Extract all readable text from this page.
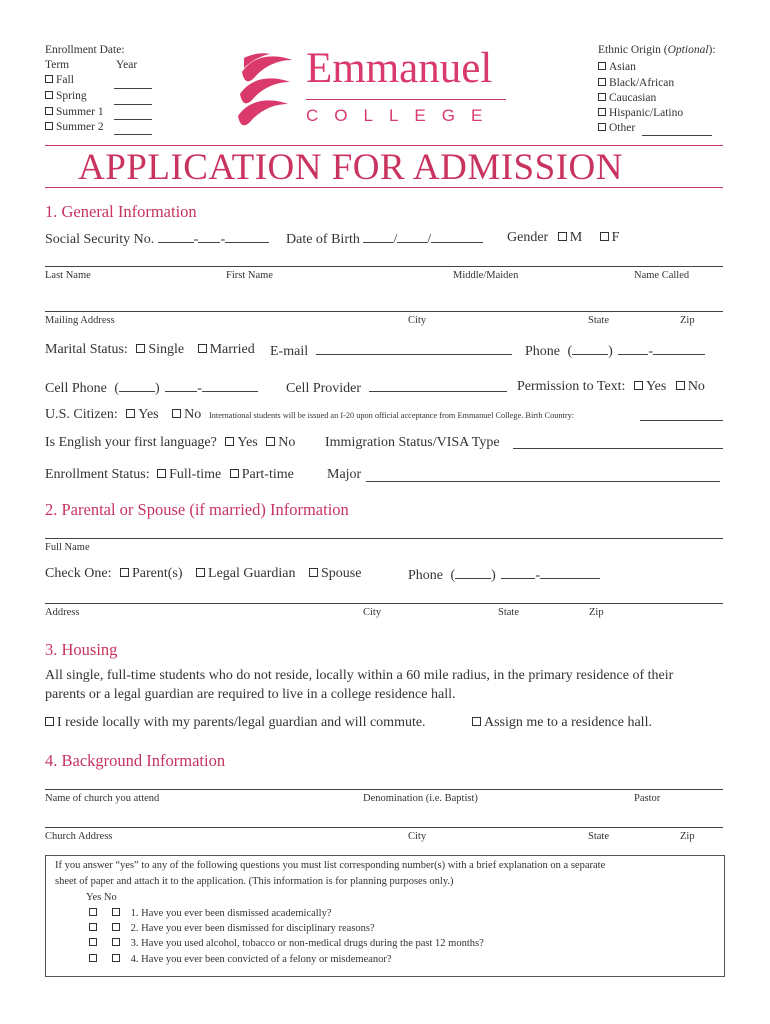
Enrollment Date:
Term	Year
Fall
Spring
Summer 1
Summer 2
Emmanuel
COLLEGE
Ethnic Origin (Optional):
Asian
Black/African
Caucasian
Hispanic/Latino
Other
APPLICATION FOR ADMISSION
1. General Information
Social Security No.	- -	Date of Birth / /	Gender M F
Last Name	First Name	Middle/Maiden	Name Called
Mailing Address	City	State	Zip
Marital Status: Single Married E-mail	Phone (	)	-
Cell Phone (	)	-	Cell Provider	Permission to Text: Yes No
U.S. Citizen: Yes No International students will be issued an I-20 upon official acceptance from Emmanuel College. Birth Country:
Is English your first language? Yes No Immigration Status/VISA Type
Enrollment Status: Full-time Part-time Major
2. Parental or Spouse (if married) Information
Full Name
Check One: Parent(s) Legal Guardian Spouse	Phone (	)	-
Address	City	State	Zip
3. Housing
All single, full-time students who do not reside, locally within a 60 mile radius, in the primary residence of their
parents or a legal guardian are required to live in a college residence hall.
I reside locally with my parents/legal guardian and will commute.	Assign me to a residence hall.
4. Background Information
Name of church you attend	Denomination (i.e. Baptist)	Pastor
Church Address	City	State	Zip
If you answer “yes” to any of the following questions you must list corresponding number(s) with a brief explanation on a separate
sheet of paper and attach it to the application. (This information is for planning purposes only.)
Yes No
1. Have you ever been dismissed academically?
2. Have you ever been dismissed for disciplinary reasons?
3. Have you used alcohol, tobacco or non-medical drugs during the past 12 months?
4. Have you ever been convicted of a felony or misdemeanor?
